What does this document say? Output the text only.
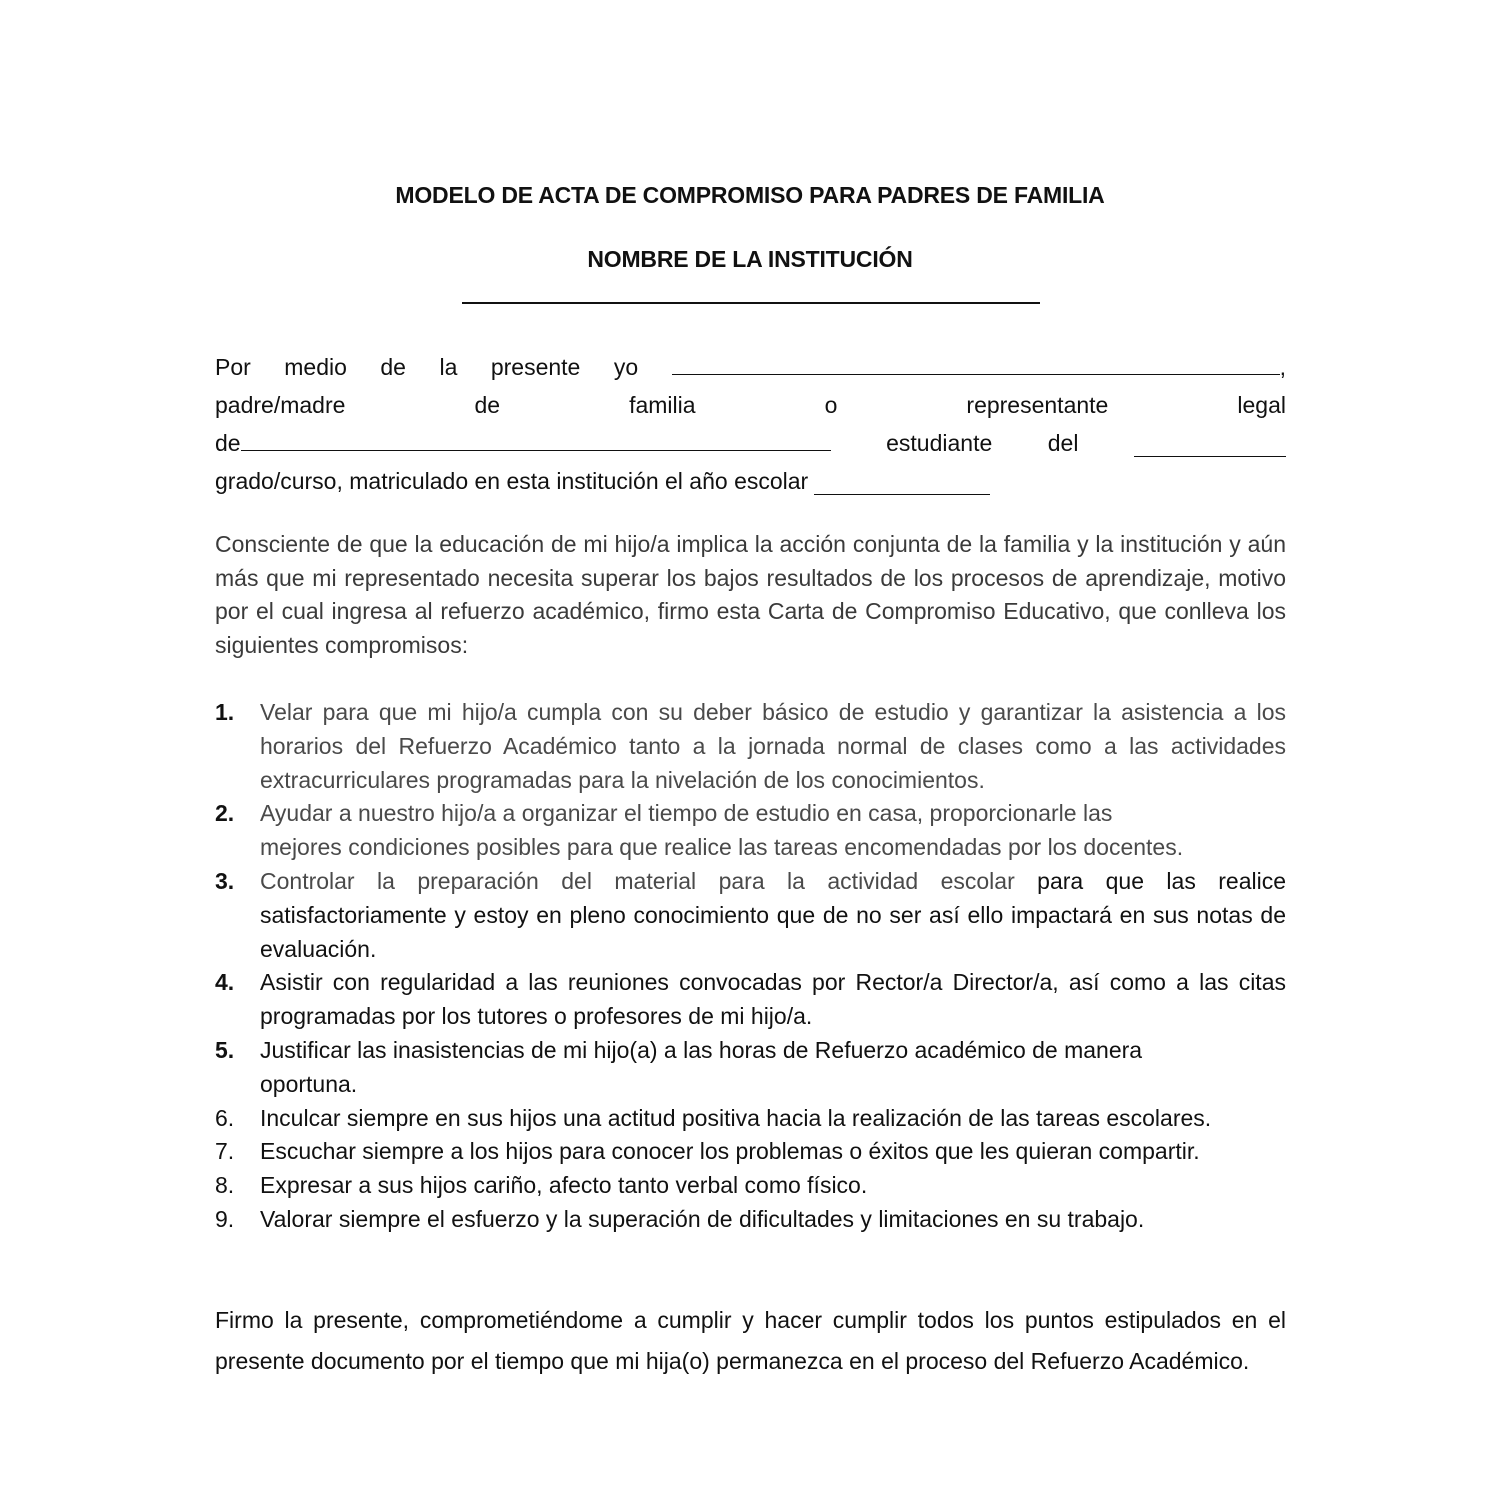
MODELO DE ACTA DE COMPROMISO PARA PADRES DE FAMILIA
NOMBRE DE LA INSTITUCIÓN
Por medio de la presente yo	,
padre/madre	de	familia	o	representante	legal
de	estudiante del
grado/curso, matriculado en esta institución el año escolar
Consciente de que la educación de mi hijo/a implica la acción conjunta de la familia y la institución y aún más que mi representado necesita superar los bajos resultados de los procesos de aprendizaje, motivo por el cual ingresa al refuerzo académico, firmo esta Carta de Compromiso Educativo, que conlleva los siguientes compromisos:
1.	Velar para que mi hijo/a cumpla con su deber básico de estudio y garantizar la asistencia a los horarios del Refuerzo Académico tanto a la jornada normal de clases como a las actividades extracurriculares programadas para la nivelación de los conocimientos.
2.	Ayudar a nuestro hijo/a a organizar el tiempo de estudio en casa, proporcionarle las
mejores condiciones posibles para que realice las tareas encomendadas por los docentes.
3.	Controlar la preparación del material para la actividad escolar para que las realice satisfactoriamente y estoy en pleno conocimiento que de no ser así ello impactará en sus notas de evaluación.
4.	Asistir con regularidad a las reuniones convocadas por Rector/a Director/a, así como a las citas programadas por los tutores o profesores de mi hijo/a.
5.	Justificar las inasistencias de mi hijo(a) a las horas de Refuerzo académico de manera
oportuna.
6.	Inculcar siempre en sus hijos una actitud positiva hacia la realización de las tareas escolares.
7.	Escuchar siempre a los hijos para conocer los problemas o éxitos que les quieran compartir.
8.	Expresar a sus hijos cariño, afecto tanto verbal como físico.
9.	Valorar siempre el esfuerzo y la superación de dificultades y limitaciones en su trabajo.
Firmo la presente, comprometiéndome a cumplir y hacer cumplir todos los puntos estipulados en el presente documento por el tiempo que mi hija(o) permanezca en el proceso del Refuerzo Académico.
